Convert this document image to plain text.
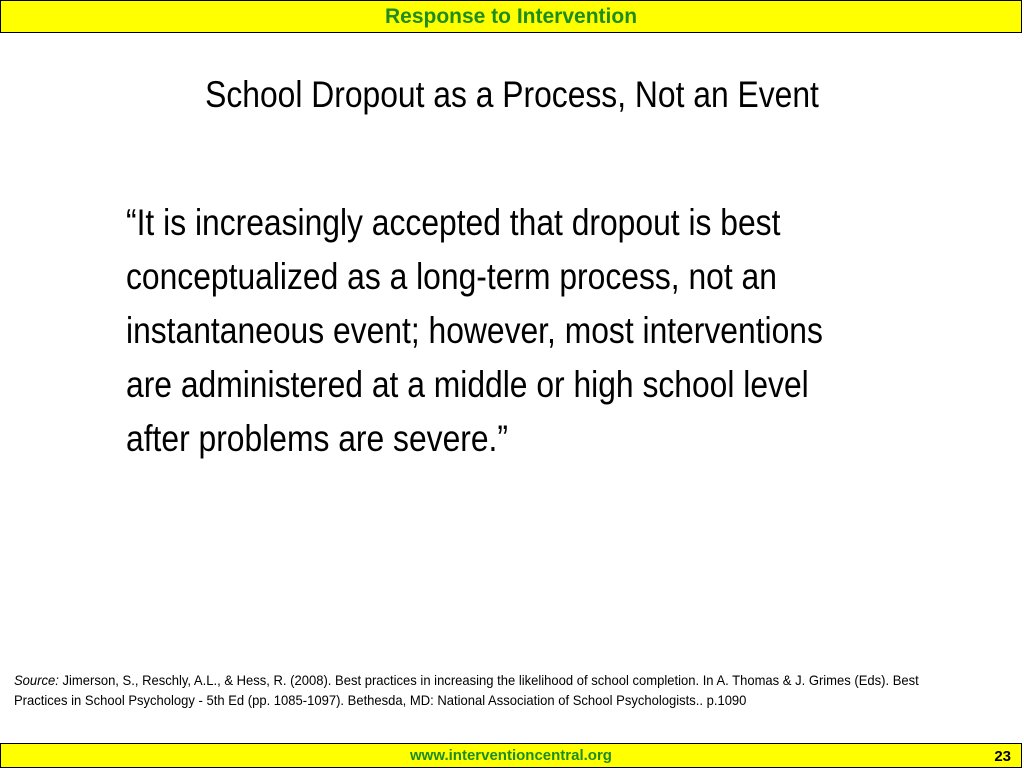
Response to Intervention
School Dropout as a Process, Not an Event
“It is increasingly accepted that dropout is best
conceptualized as a long-term process, not an
instantaneous event; however, most interventions
are administered at a middle or high school level
after problems are severe.”
Source: Jimerson, S., Reschly, A.L., & Hess, R. (2008). Best practices in increasing the likelihood of school completion. In A. Thomas & J. Grimes (Eds). Best Practices in School Psychology - 5th Ed (pp. 1085-1097). Bethesda, MD: National Association of School Psychologists.. p.1090
www.interventioncentral.org	23
